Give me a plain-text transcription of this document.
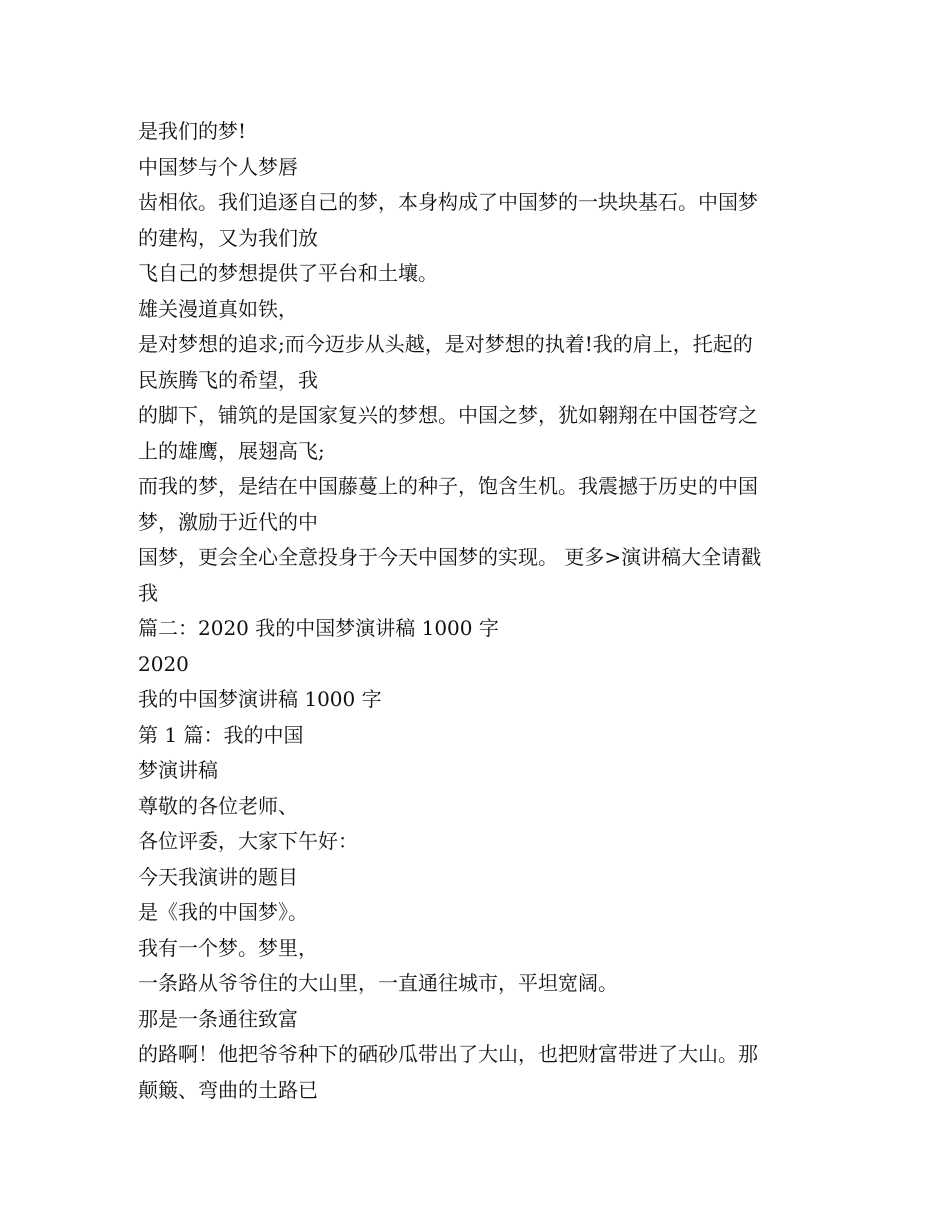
是我们的梦!
中国梦与个人梦唇
齿相依。我们追逐自己的梦，本身构成了中国梦的一块块基石。中国梦
的建构，又为我们放
飞自己的梦想提供了平台和土壤。
雄关漫道真如铁，
是对梦想的追求;而今迈步从头越，是对梦想的执着!我的肩上，托起的
民族腾飞的希望，我
的脚下，铺筑的是国家复兴的梦想。中国之梦，犹如翱翔在中国苍穹之
上的雄鹰，展翅高飞;
而我的梦，是结在中国藤蔓上的种子，饱含生机。我震撼于历史的中国
梦，激励于近代的中
国梦，更会全心全意投身于今天中国梦的实现。 更多>演讲稿大全请戳
我
篇二：2020 我的中国梦演讲稿 1000 字
2020
我的中国梦演讲稿 1000 字
第 1 篇：我的中国
梦演讲稿
尊敬的各位老师、
各位评委，大家下午好：
今天我演讲的题目
是《我的中国梦》。
我有一个梦。梦里，
一条路从爷爷住的大山里，一直通往城市，平坦宽阔。
那是一条通往致富
的路啊！他把爷爷种下的硒砂瓜带出了大山，也把财富带进了大山。那
颠簸、弯曲的土路已
